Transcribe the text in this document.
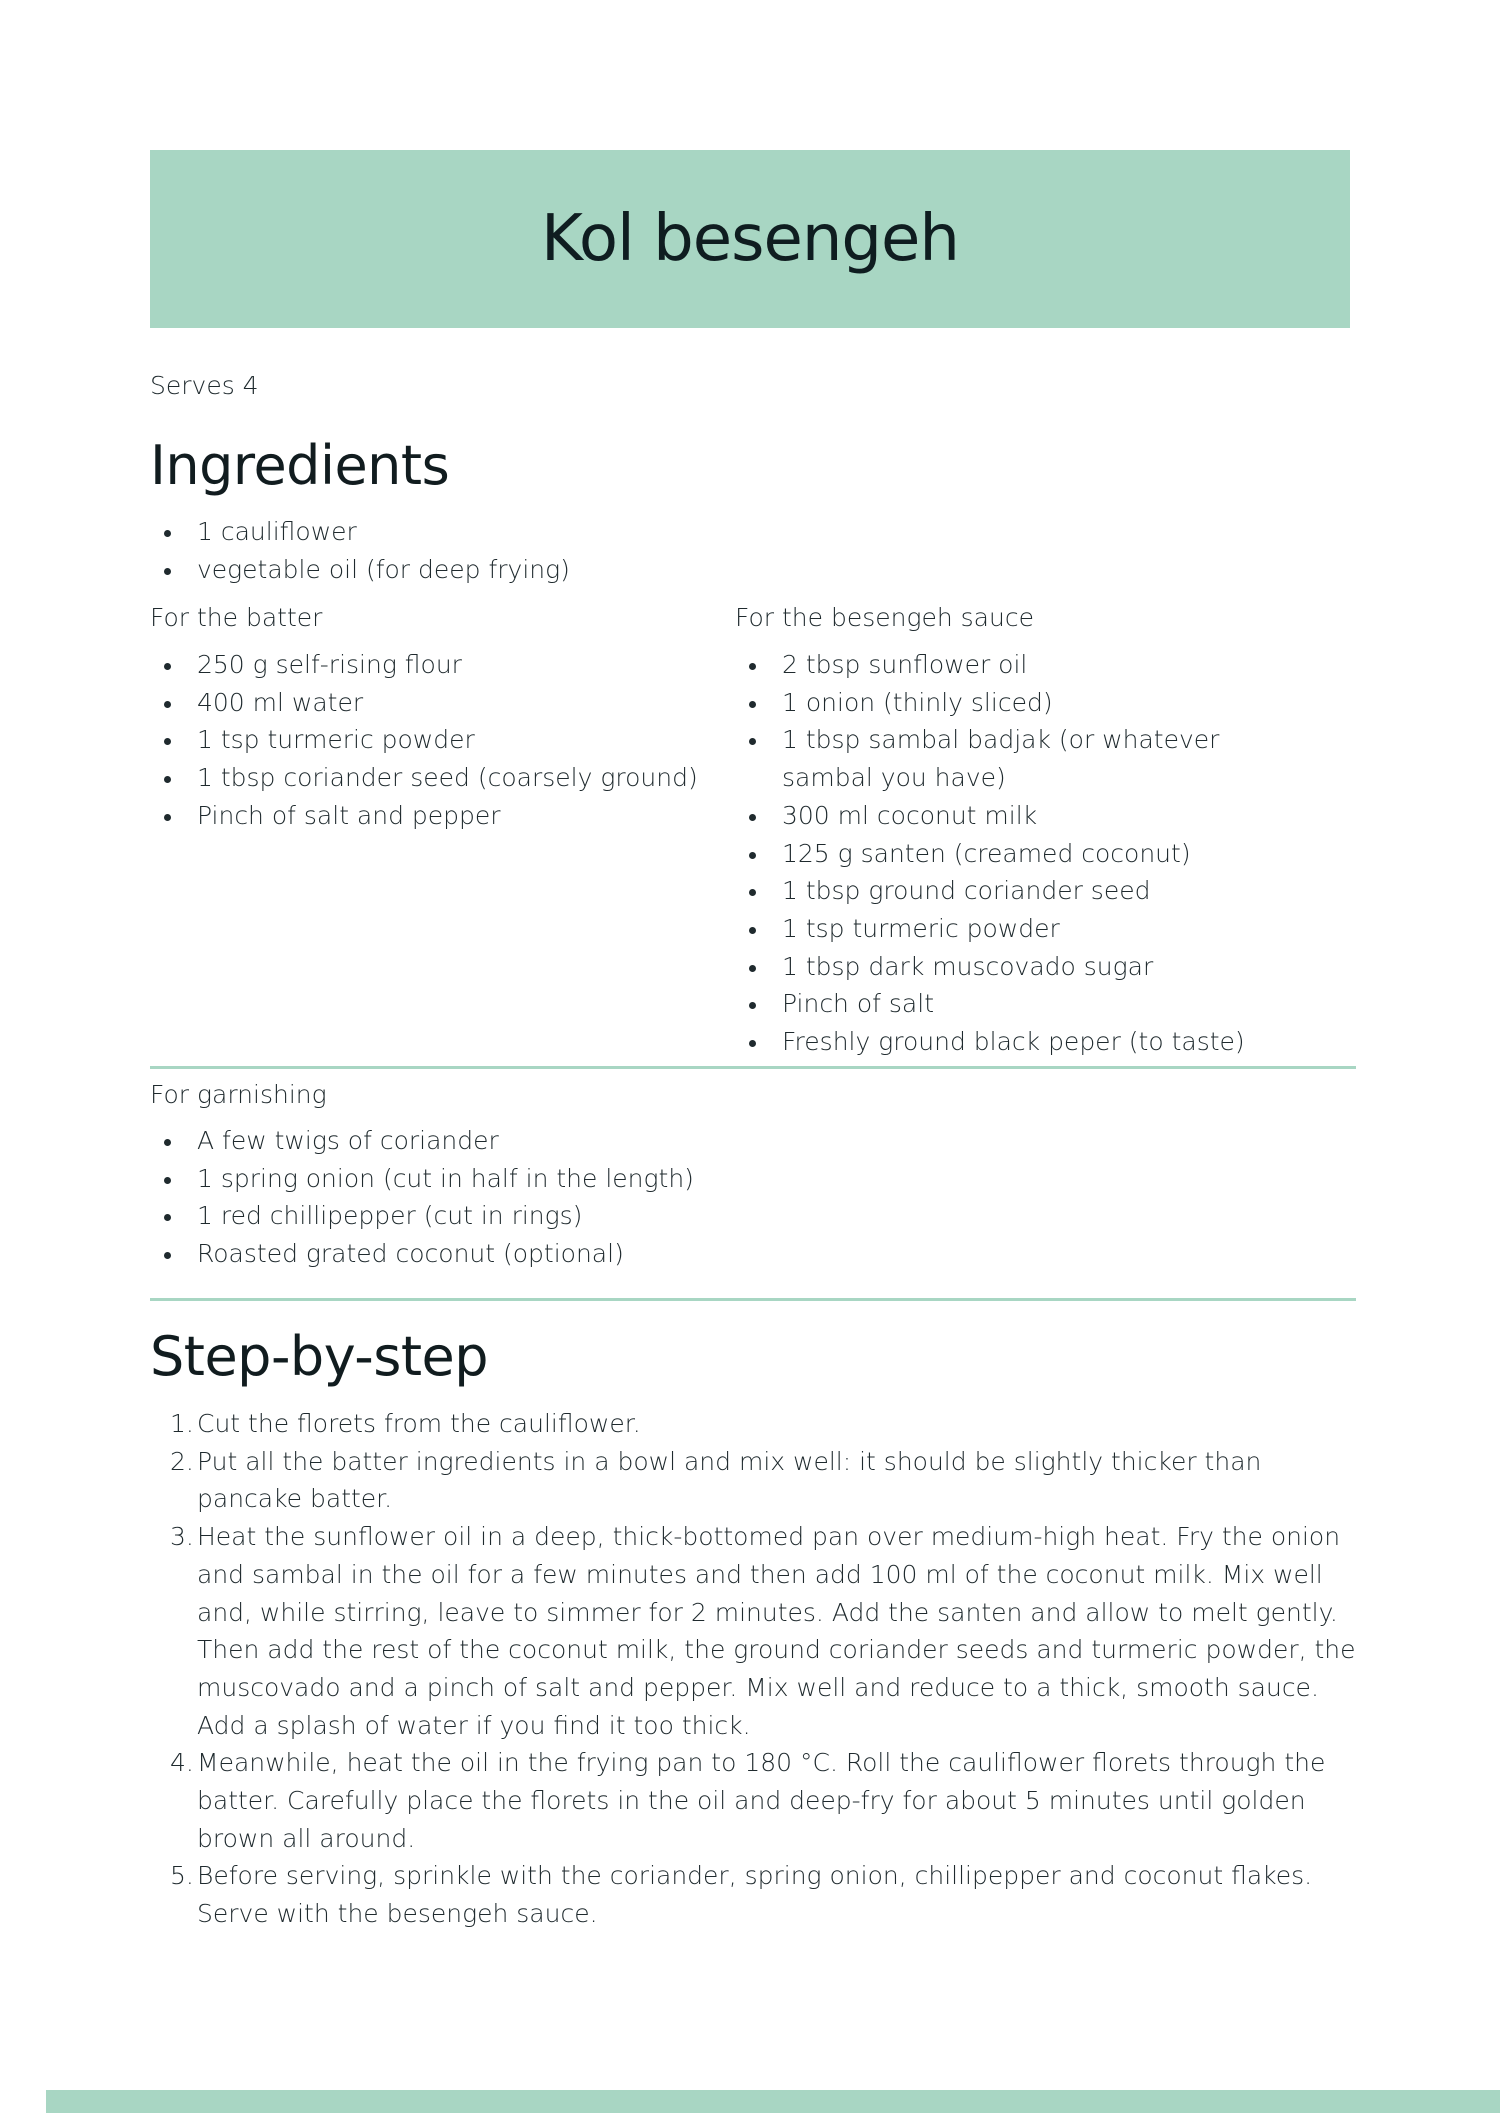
Kol besengeh
Serves 4
Ingredients
1 cauliflower
vegetable oil (for deep frying)
For the batter
250 g self-rising flour
400 ml water
1 tsp turmeric powder
1 tbsp coriander seed (coarsely ground)
Pinch of salt and pepper
For the besengeh sauce
2 tbsp sunflower oil
1 onion (thinly sliced)
1 tbsp sambal badjak (or whatever sambal you have)
300 ml coconut milk
125 g santen (creamed coconut)
1 tbsp ground coriander seed
1 tsp turmeric powder
1 tbsp dark muscovado sugar
Pinch of salt
Freshly ground black peper (to taste)
For garnishing
A few twigs of coriander
1 spring onion (cut in half in the length)
1 red chillipepper (cut in rings)
Roasted grated coconut (optional)
Step-by-step
1. Cut the florets from the cauliflower.
2. Put all the batter ingredients in a bowl and mix well: it should be slightly thicker than pancake batter.
3. Heat the sunflower oil in a deep, thick-bottomed pan over medium-high heat. Fry the onion and sambal in the oil for a few minutes and then add 100 ml of the coconut milk. Mix well and, while stirring, leave to simmer for 2 minutes. Add the santen and allow to melt gently. Then add the rest of the coconut milk, the ground coriander seeds and turmeric powder, the muscovado and a pinch of salt and pepper. Mix well and reduce to a thick, smooth sauce. Add a splash of water if you find it too thick.
4. Meanwhile, heat the oil in the frying pan to 180 °C. Roll the cauliflower florets through the batter. Carefully place the florets in the oil and deep-fry for about 5 minutes until golden brown all around.
5. Before serving, sprinkle with the coriander, spring onion, chillipepper and coconut flakes. Serve with the besengeh sauce.
